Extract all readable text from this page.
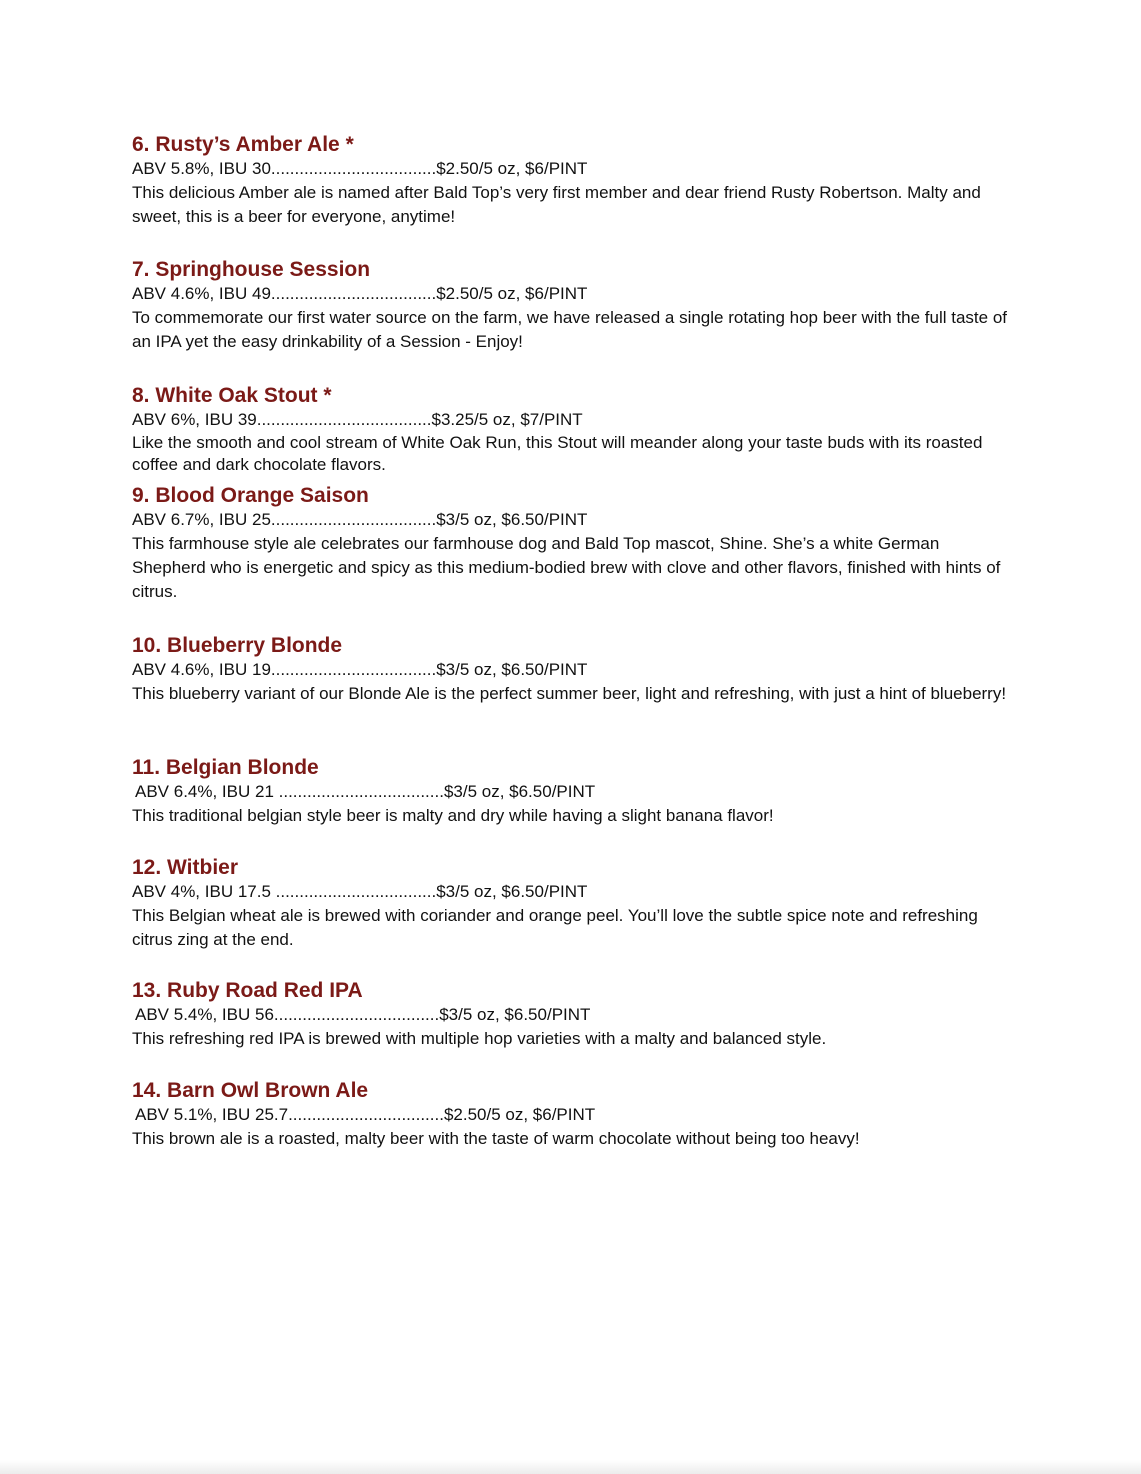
6. Rusty’s Amber Ale *

ABV 5.8%, IBU 30...................................$2.50/5 oz, $6/PINT

This delicious Amber ale is named after Bald Top’s very first member and dear friend Rusty Robertson. Malty and sweet, this is a beer for everyone, anytime!

7. Springhouse Session

ABV 4.6%, IBU 49...................................$2.50/5 oz, $6/PINT

To commemorate our first water source on the farm, we have released a single rotating hop beer with the full taste of an IPA yet the easy drinkability of a Session - Enjoy!

8. White Oak Stout *

ABV 6%, IBU 39.....................................$3.25/5 oz, $7/PINT

Like the smooth and cool stream of White Oak Run, this Stout will meander along your taste buds with its roasted coffee and dark chocolate flavors.

9. Blood Orange Saison

ABV 6.7%, IBU 25...................................$3/5 oz, $6.50/PINT

This farmhouse style ale celebrates our farmhouse dog and Bald Top mascot, Shine. She’s a white German Shepherd who is energetic and spicy as this medium-bodied brew with clove and other flavors, finished with hints of citrus.

10. Blueberry Blonde

ABV 4.6%, IBU 19...................................$3/5 oz, $6.50/PINT

This blueberry variant of our Blonde Ale is the perfect summer beer, light and refreshing, with just a hint of blueberry!

11. Belgian Blonde

ABV 6.4%, IBU 21 ...................................$3/5 oz, $6.50/PINT

This traditional belgian style beer is malty and dry while having a slight banana flavor!

12. Witbier

ABV 4%, IBU 17.5 ..................................$3/5 oz, $6.50/PINT

This Belgian wheat ale is brewed with coriander and orange peel. You’ll love the subtle spice note and refreshing citrus zing at the end.

13. Ruby Road Red IPA

ABV 5.4%, IBU 56...................................$3/5 oz, $6.50/PINT

This refreshing red IPA is brewed with multiple hop varieties with a malty and balanced style.

14. Barn Owl Brown Ale

ABV 5.1%, IBU 25.7.................................$2.50/5 oz, $6/PINT

This brown ale is a roasted, malty beer with the taste of warm chocolate without being too heavy!
